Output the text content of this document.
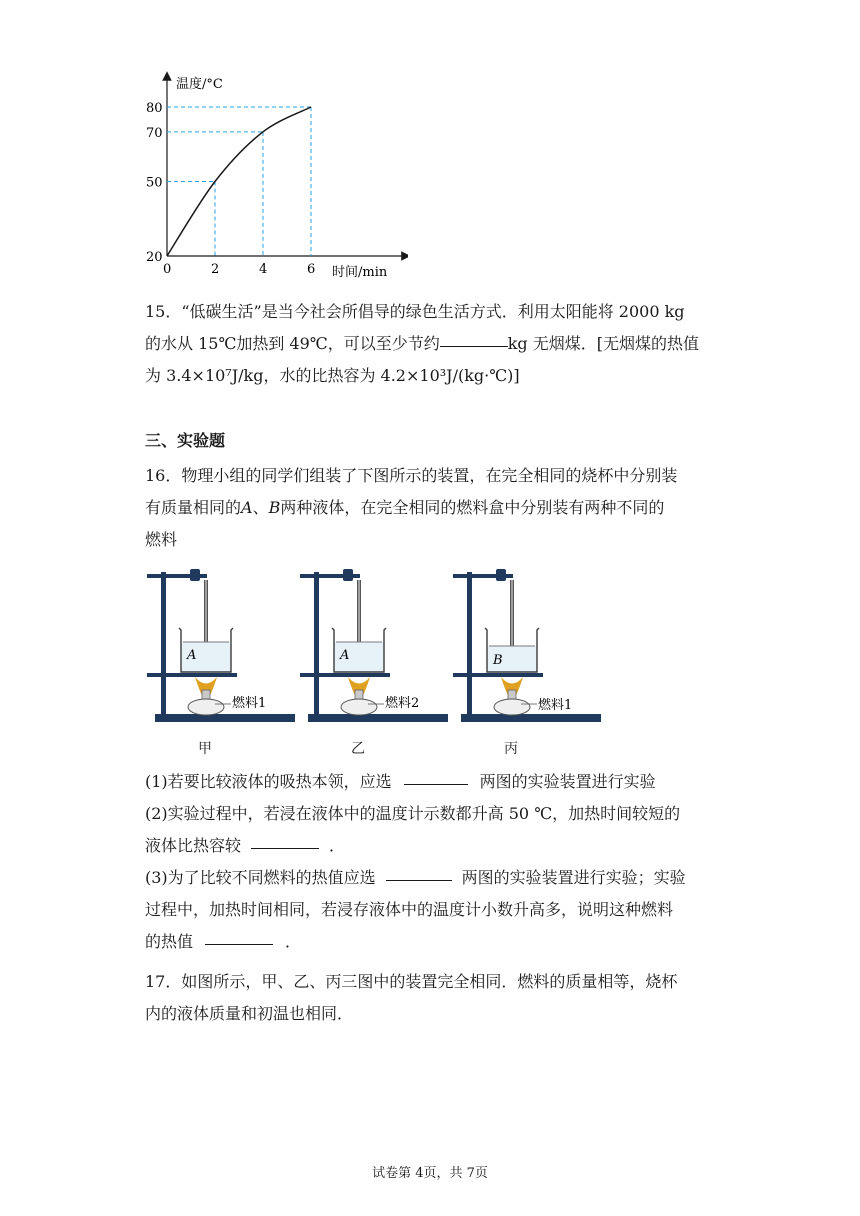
温度/°C
时间/min
80
70
50
20
0	2	4	6

15．“低碳生活”是当今社会所倡导的绿色生活方式．利用太阳能将 2000 kg
的水从 15℃加热到 49℃，可以至少节约	kg 无烟煤．[无烟煤的热值
为 3.4×10⁷J/kg，水的比热容为 4.2×10³J/(kg·℃)]

三、实验题

16．物理小组的同学们组装了下图所示的装置，在完全相同的烧杯中分别装
有质量相同的A、B两种液体，在完全相同的燃料盒中分别装有两种不同的
燃料

A
燃料1
A
燃料2
B
燃料1
甲	乙	丙

(1)若要比较液体的吸热本领，应选	两图的实验装置进行实验
(2)实验过程中，若浸在液体中的温度计示数都升高 50 ℃，加热时间较短的
液体比热容较	．
(3)为了比较不同燃料的热值应选	两图的实验装置进行实验；实验
过程中，加热时间相同，若浸存液体中的温度计小数升高多，说明这种燃料
的热值	．

17．如图所示，甲、乙、丙三图中的装置完全相同．燃料的质量相等，烧杯
内的液体质量和初温也相同．

试卷第 4页，共 7页
